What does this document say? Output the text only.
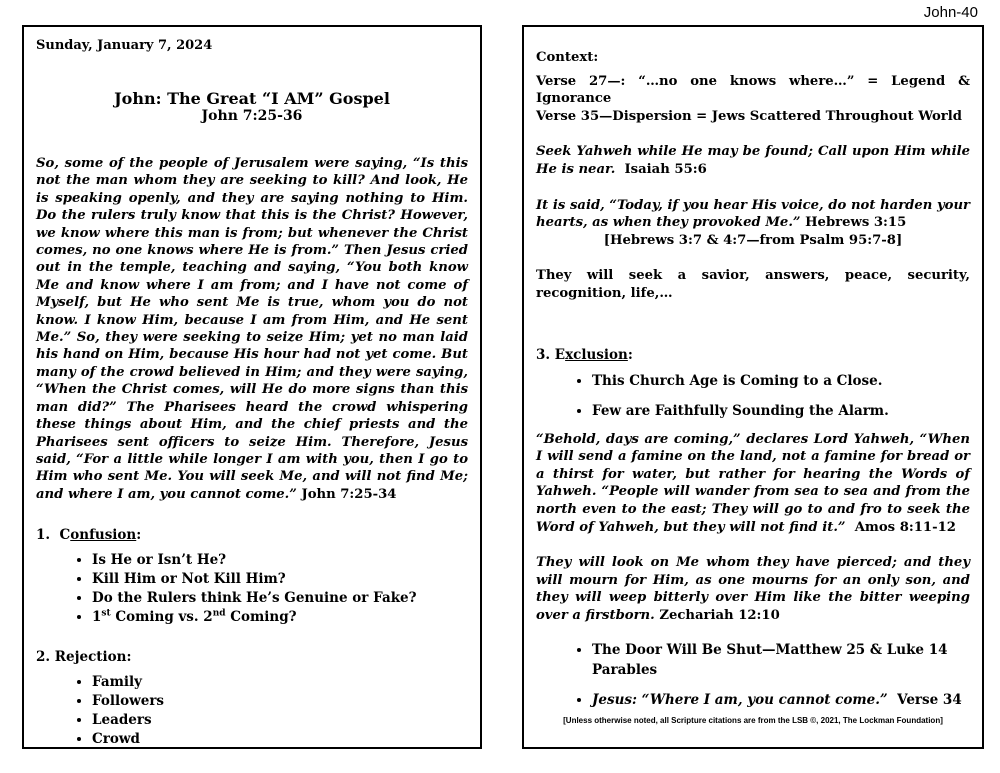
John-40
Sunday, January 7, 2024
John: The Great “I AM” Gospel
John 7:25-36
So, some of the people of Jerusalem were saying, “Is this not the man whom they are seeking to kill? And look, He is speaking openly, and they are saying nothing to Him. Do the rulers truly know that this is the Christ? However, we know where this man is from; but whenever the Christ comes, no one knows where He is from.” Then Jesus cried out in the temple, teaching and saying, “You both know Me and know where I am from; and I have not come of Myself, but He who sent Me is true, whom you do not know. I know Him, because I am from Him, and He sent Me.” So, they were seeking to seize Him; yet no man laid his hand on Him, because His hour had not yet come. But many of the crowd believed in Him; and they were saying, “When the Christ comes, will He do more signs than this man did?” The Pharisees heard the crowd whispering these things about Him, and the chief priests and the Pharisees sent officers to seize Him. Therefore, Jesus said, “For a little while longer I am with you, then I go to Him who sent Me. You will seek Me, and will not find Me; and where I am, you cannot come.” John 7:25-34
1. Confusion:
• Is He or Isn’t He?
• Kill Him or Not Kill Him?
• Do the Rulers think He’s Genuine or Fake?
• 1st Coming vs. 2nd Coming?
2. Rejection:
• Family
• Followers
• Leaders
• Crowd
Context:
Verse 27—: “…no one knows where…” = Legend & Ignorance
Verse 35—Dispersion = Jews Scattered Throughout World
Seek Yahweh while He may be found; Call upon Him while He is near. Isaiah 55:6
It is said, “Today, if you hear His voice, do not harden your hearts, as when they provoked Me.” Hebrews 3:15
[Hebrews 3:7 & 4:7—from Psalm 95:7-8]
They will seek a savior, answers, peace, security, recognition, life,…
3. Exclusion:
• This Church Age is Coming to a Close.
• Few are Faithfully Sounding the Alarm.
“Behold, days are coming,” declares Lord Yahweh, “When I will send a famine on the land, not a famine for bread or a thirst for water, but rather for hearing the Words of Yahweh. “People will wander from sea to sea and from the north even to the east; They will go to and fro to seek the Word of Yahweh, but they will not find it.” Amos 8:11-12
They will look on Me whom they have pierced; and they will mourn for Him, as one mourns for an only son, and they will weep bitterly over Him like the bitter weeping over a firstborn. Zechariah 12:10
• The Door Will Be Shut—Matthew 25 & Luke 14 Parables
• Jesus: “Where I am, you cannot come.” Verse 34
[Unless otherwise noted, all Scripture citations are from the LSB ©, 2021, The Lockman Foundation]
